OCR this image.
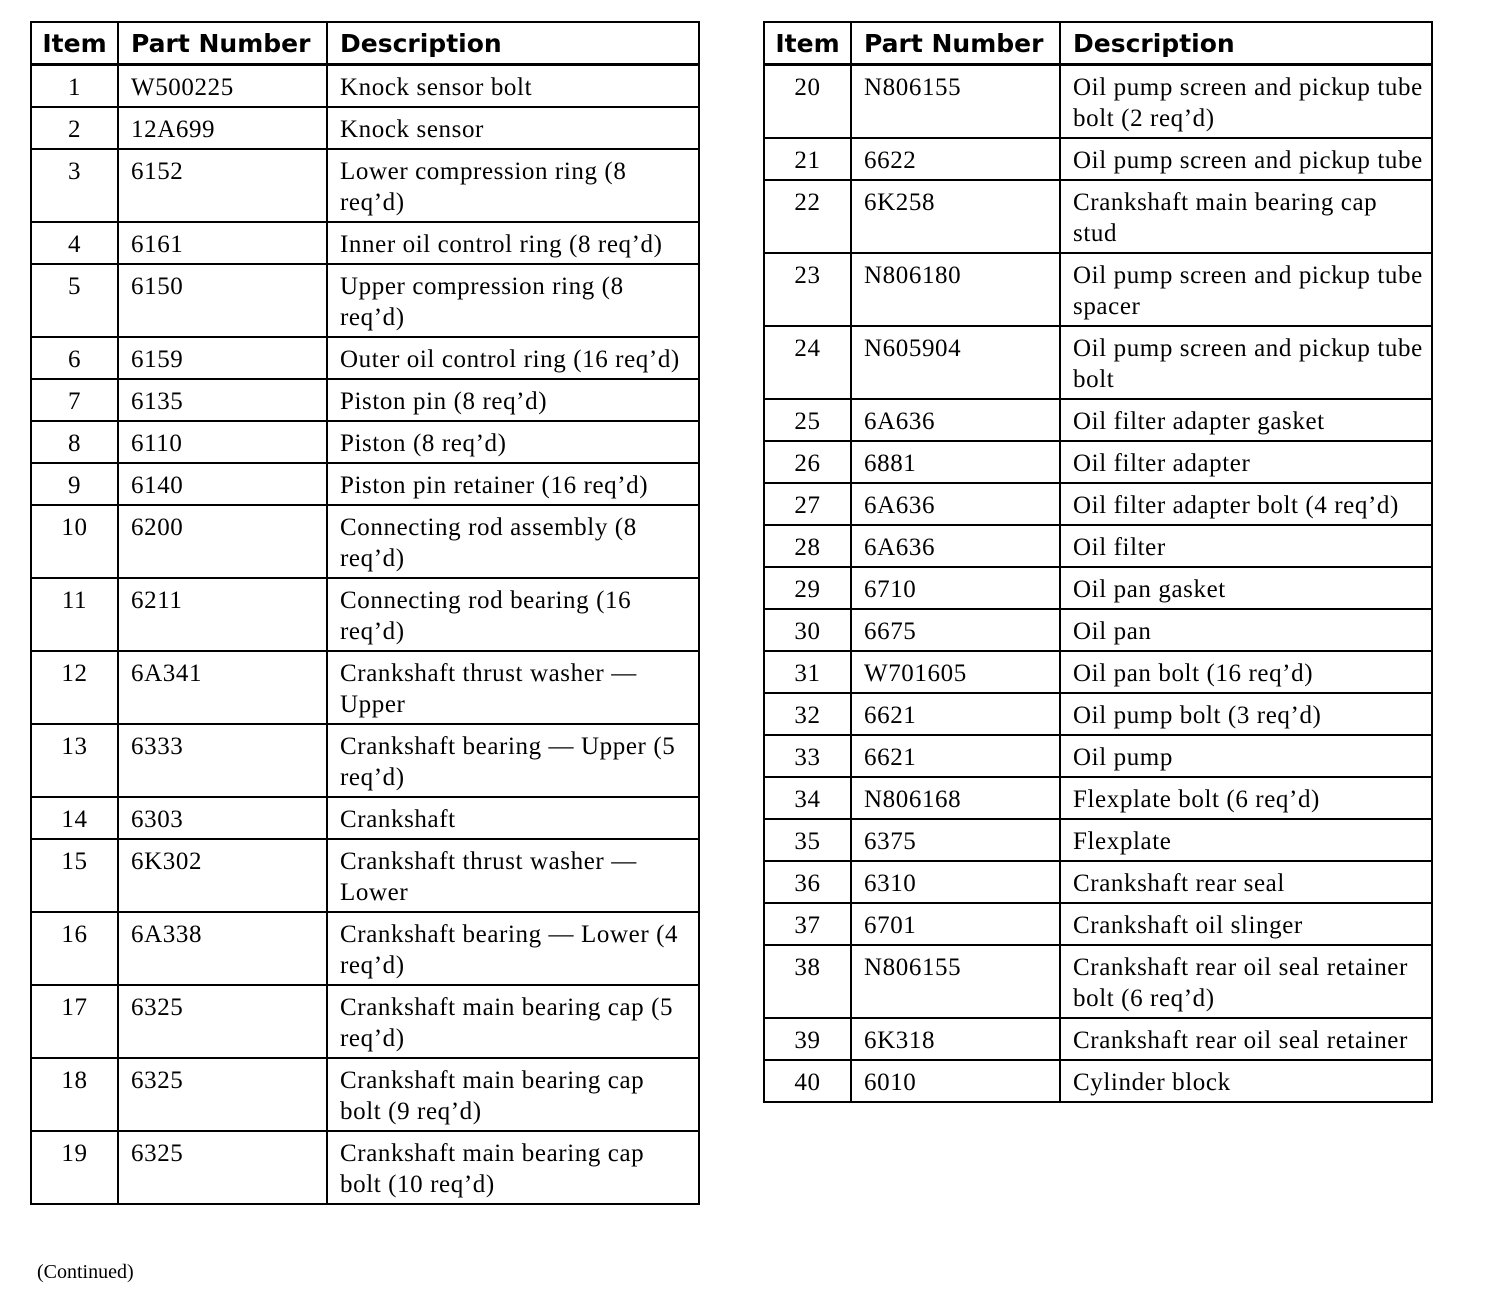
Item	Part Number	Description
1	W500225	Knock sensor bolt
2	12A699	Knock sensor
3	6152	Lower compression ring (8 req’d)
4	6161	Inner oil control ring (8 req’d)
5	6150	Upper compression ring (8 req’d)
6	6159	Outer oil control ring (16 req’d)
7	6135	Piston pin (8 req’d)
8	6110	Piston (8 req’d)
9	6140	Piston pin retainer (16 req’d)
10	6200	Connecting rod assembly (8 req’d)
11	6211	Connecting rod bearing (16 req’d)
12	6A341	Crankshaft thrust washer — Upper
13	6333	Crankshaft bearing — Upper (5 req’d)
14	6303	Crankshaft
15	6K302	Crankshaft thrust washer — Lower
16	6A338	Crankshaft bearing — Lower (4 req’d)
17	6325	Crankshaft main bearing cap (5 req’d)
18	6325	Crankshaft main bearing cap bolt (9 req’d)
19	6325	Crankshaft main bearing cap bolt (10 req’d)
Item	Part Number	Description
20	N806155	Oil pump screen and pickup tube bolt (2 req’d)
21	6622	Oil pump screen and pickup tube
22	6K258	Crankshaft main bearing cap stud
23	N806180	Oil pump screen and pickup tube spacer
24	N605904	Oil pump screen and pickup tube bolt
25	6A636	Oil filter adapter gasket
26	6881	Oil filter adapter
27	6A636	Oil filter adapter bolt (4 req’d)
28	6A636	Oil filter
29	6710	Oil pan gasket
30	6675	Oil pan
31	W701605	Oil pan bolt (16 req’d)
32	6621	Oil pump bolt (3 req’d)
33	6621	Oil pump
34	N806168	Flexplate bolt (6 req’d)
35	6375	Flexplate
36	6310	Crankshaft rear seal
37	6701	Crankshaft oil slinger
38	N806155	Crankshaft rear oil seal retainer bolt (6 req’d)
39	6K318	Crankshaft rear oil seal retainer
40	6010	Cylinder block
(Continued)
